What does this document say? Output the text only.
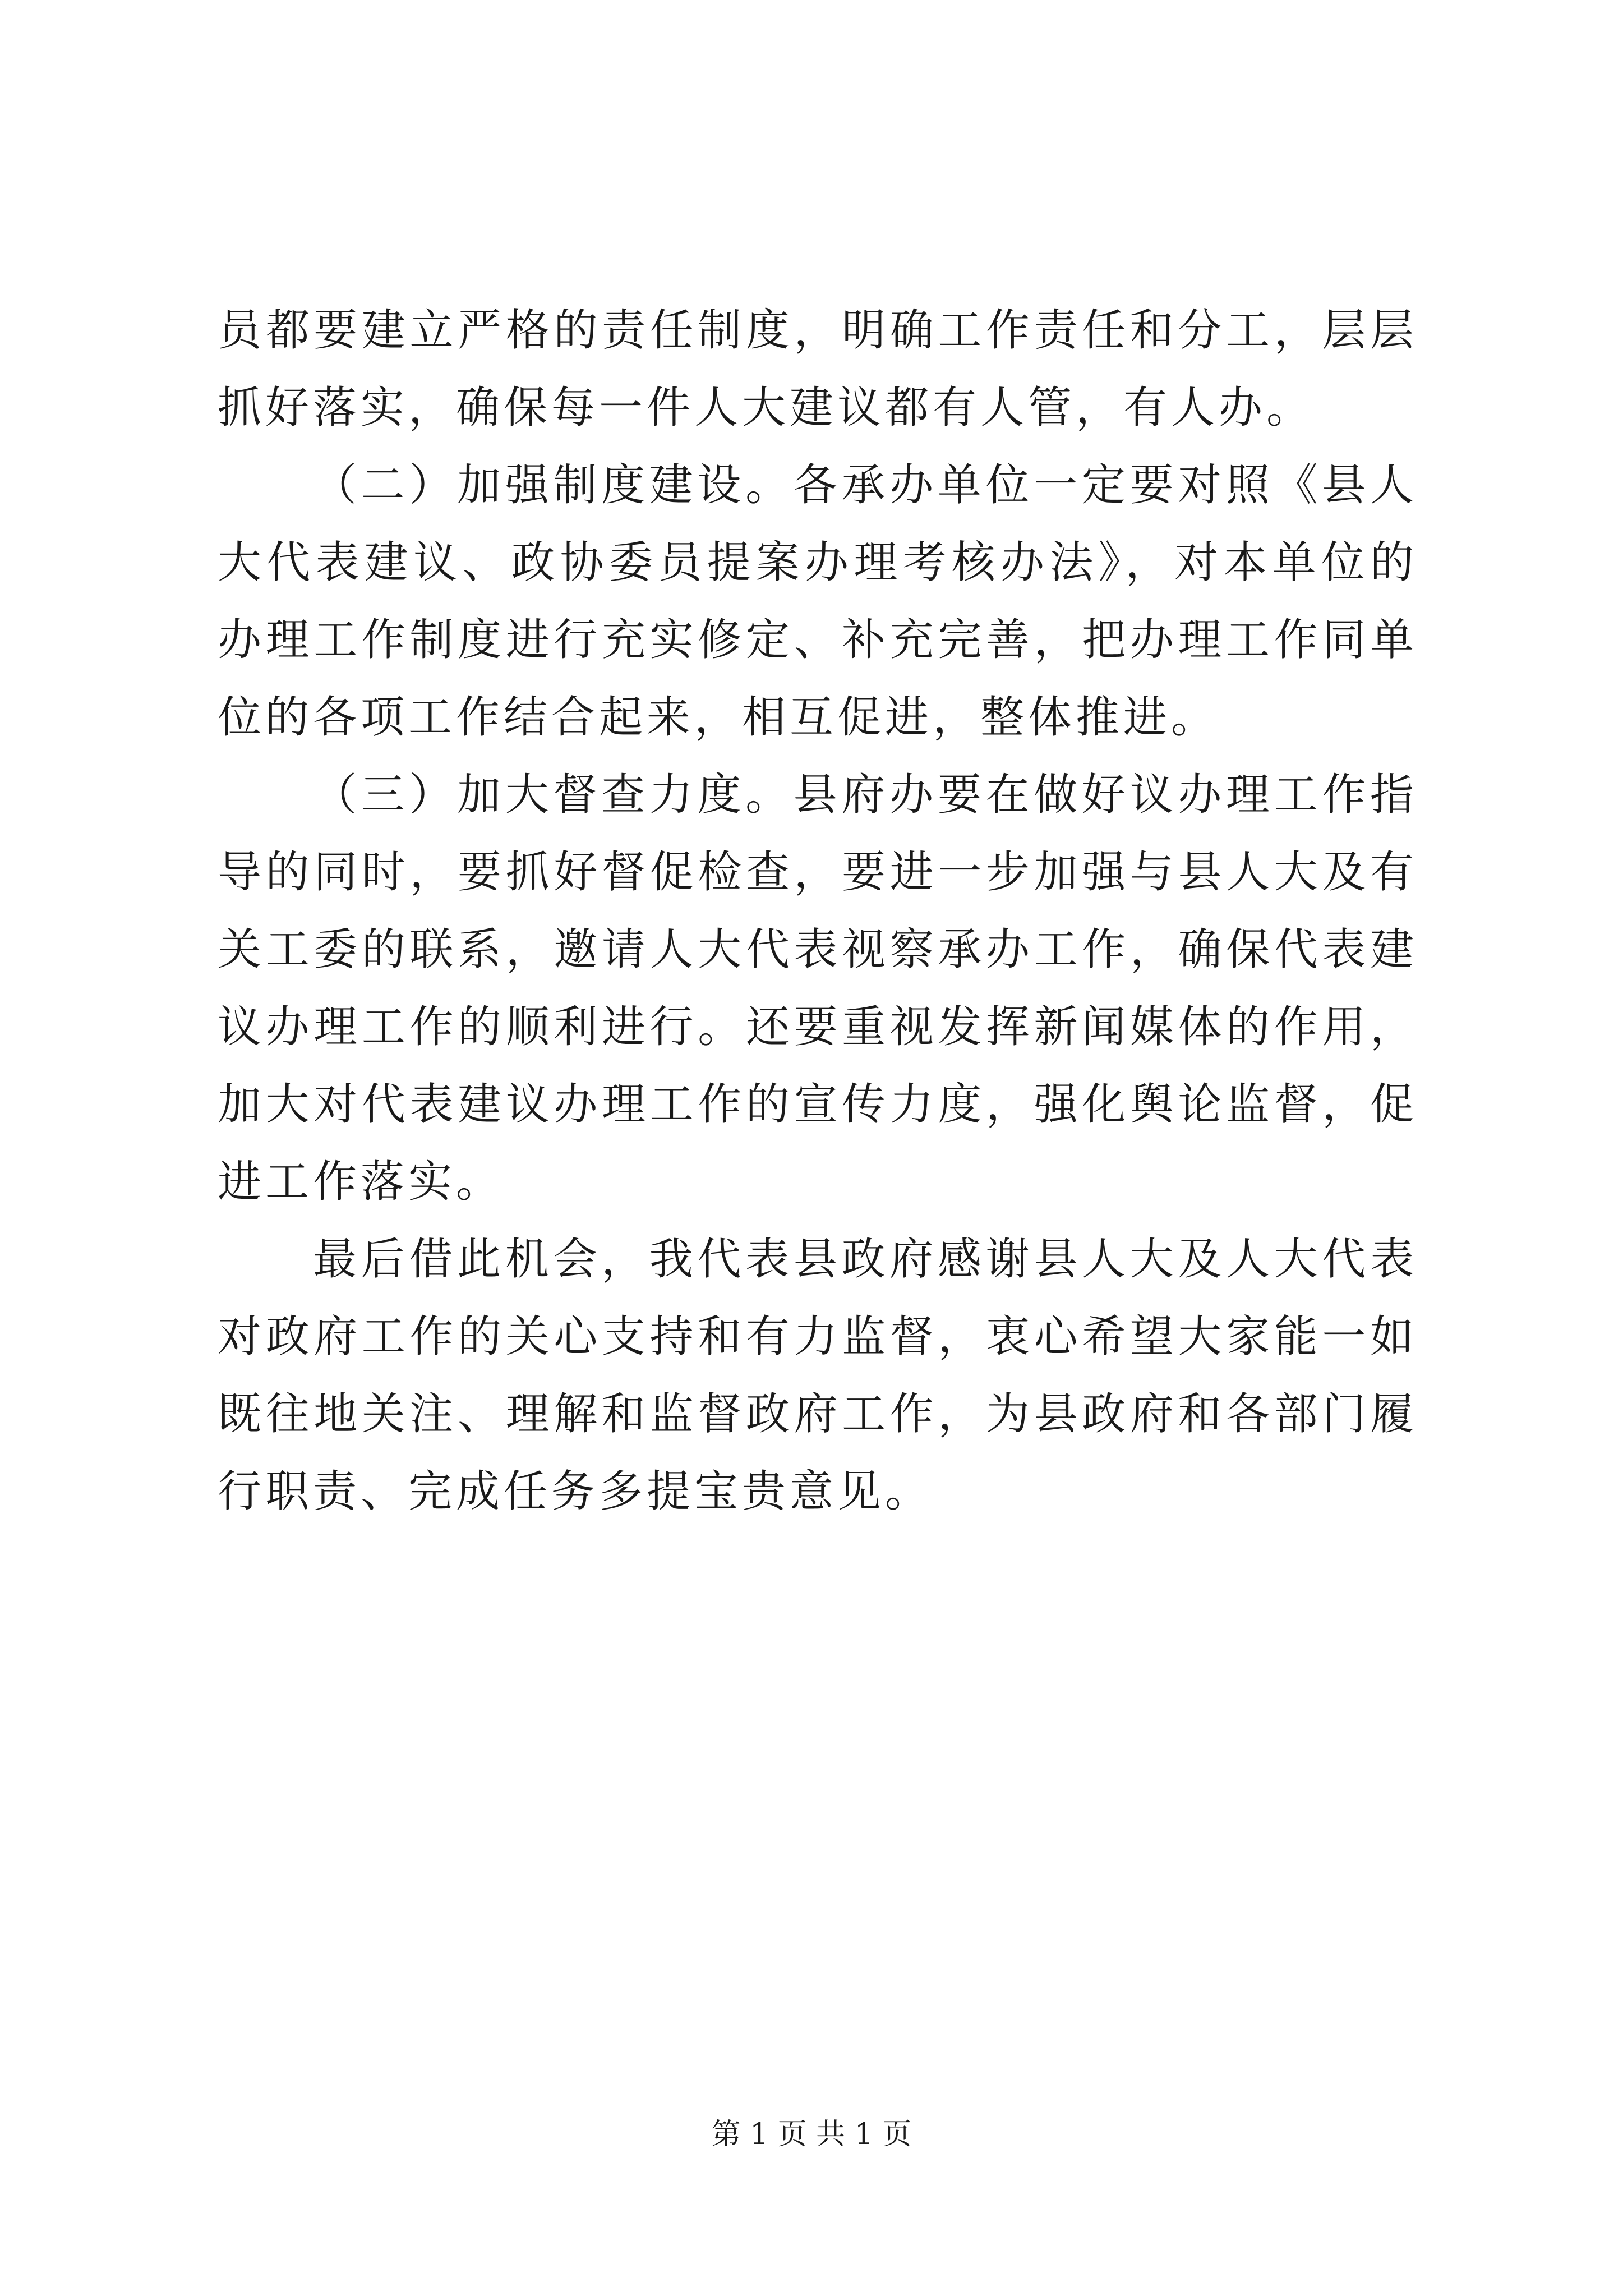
员都要建立严格的责任制度，明确工作责任和分工，层层抓好落实，确保每一件人大建议都有人管，有人办。

（二）加强制度建设。各承办单位一定要对照《县人大代表建议、政协委员提案办理考核办法》，对本单位的办理工作制度进行充实修定、补充完善，把办理工作同单位的各项工作结合起来，相互促进，整体推进。

（三）加大督查力度。县府办要在做好议办理工作指导的同时，要抓好督促检查，要进一步加强与县人大及有关工委的联系，邀请人大代表视察承办工作，确保代表建议办理工作的顺利进行。还要重视发挥新闻媒体的作用，加大对代表建议办理工作的宣传力度，强化舆论监督，促进工作落实。

最后借此机会，我代表县政府感谢县人大及人大代表对政府工作的关心支持和有力监督，衷心希望大家能一如既往地关注、理解和监督政府工作，为县政府和各部门履行职责、完成任务多提宝贵意见。

第 1 页 共 1 页
